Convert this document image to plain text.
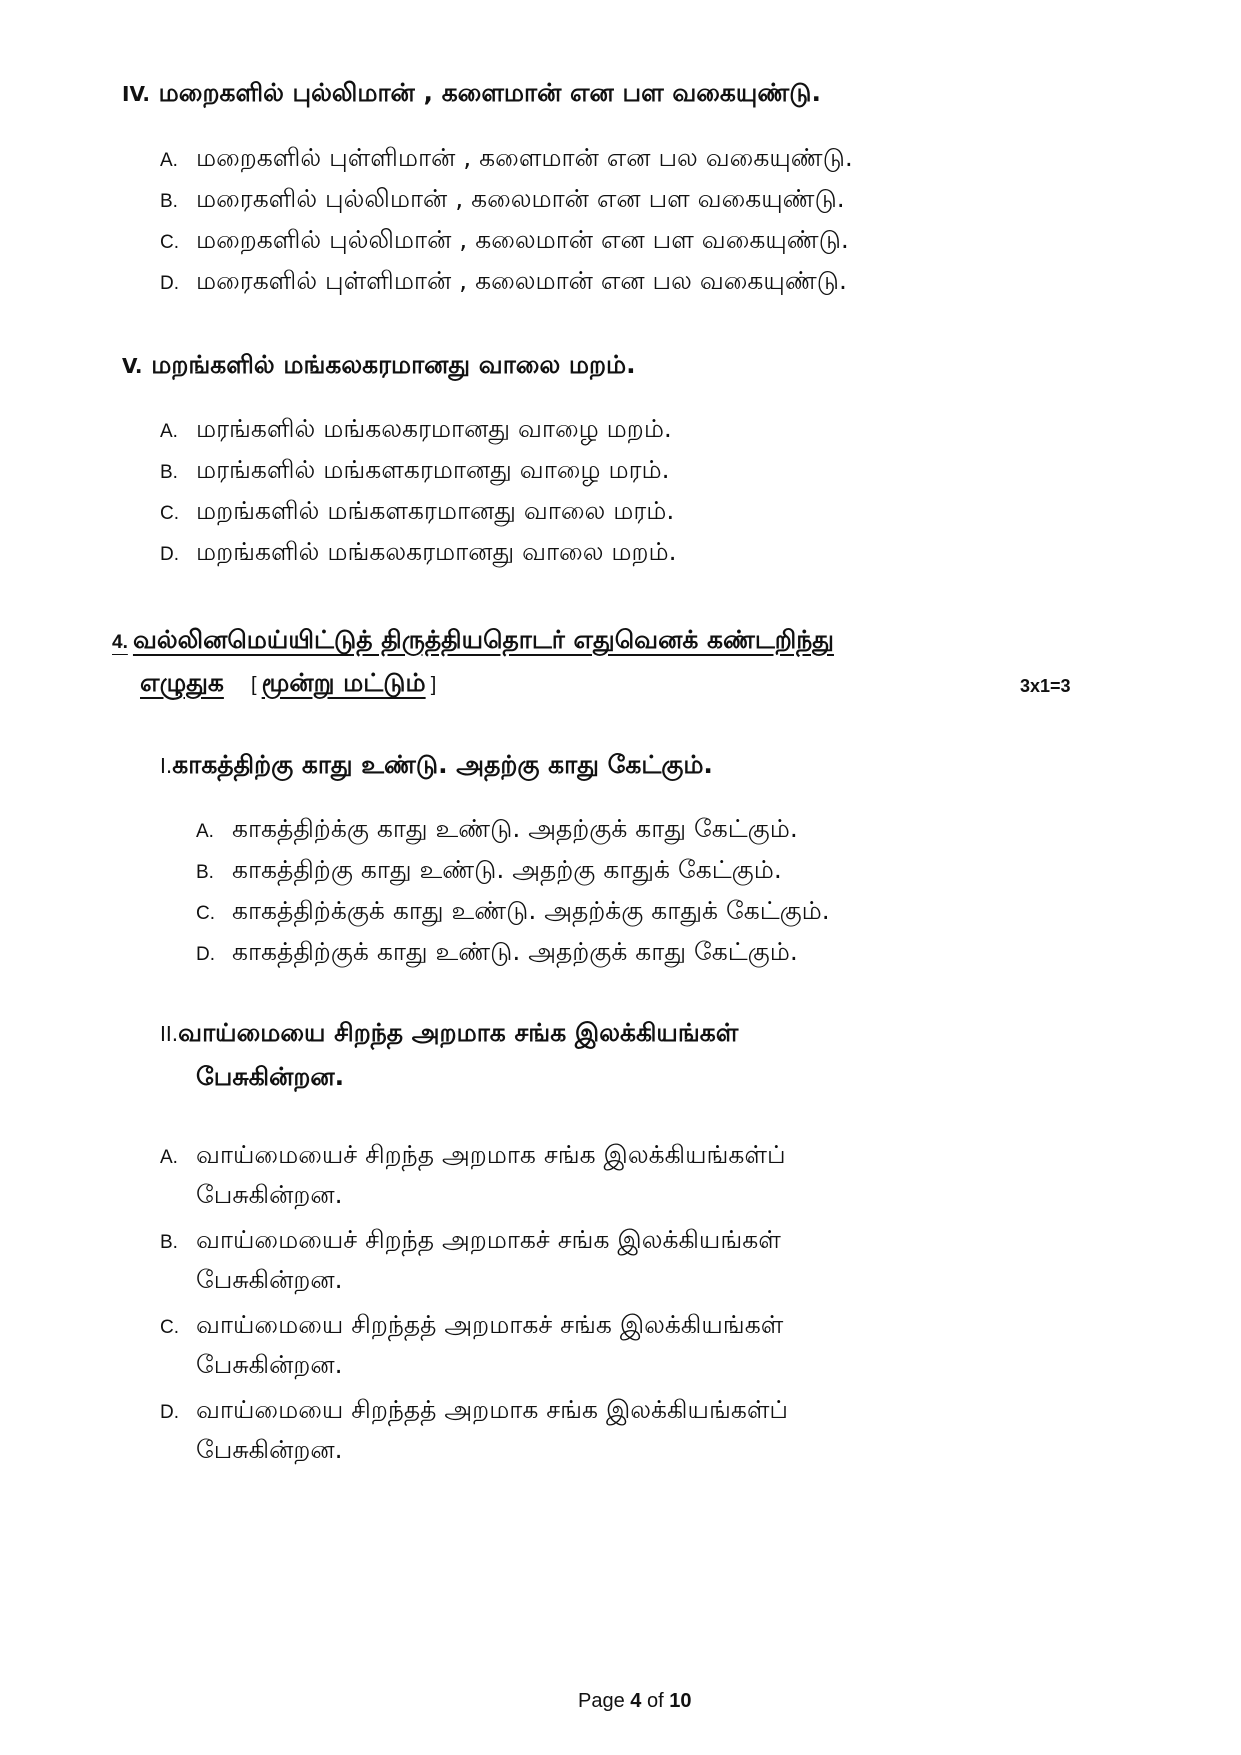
IV. மறைகளில் புல்லிமான் , களைமான் என பள வகையுண்டு.
A. மறைகளில் புள்ளிமான் , களைமான் என பல வகையுண்டு.
B. மரைகளில் புல்லிமான் , கலைமான் என பள வகையுண்டு.
C. மறைகளில் புல்லிமான் , கலைமான் என பள வகையுண்டு.
D. மரைகளில் புள்ளிமான் , கலைமான் என பல வகையுண்டு.
V. மறங்களில் மங்கலகரமானது வாலை மறம்.
A. மரங்களில் மங்கலகரமானது வாழை மறம்.
B. மரங்களில் மங்களகரமானது வாழை மரம்.
C. மறங்களில் மங்களகரமானது வாலை மரம்.
D. மறங்களில் மங்கலகரமானது வாலை மறம்.
4. வல்லினமெய்யிட்டுத் திருத்தியதொடர் எதுவெனக் கண்டறிந்து
எழுதுக [ மூன்று மட்டும் ]	3x1=3
I.காகத்திற்கு காது உண்டு. அதற்கு காது கேட்கும்.
A. காகத்திற்க்கு காது உண்டு. அதற்குக் காது கேட்கும்.
B. காகத்திற்கு காது உண்டு. அதற்கு காதுக் கேட்கும்.
C. காகத்திற்க்குக் காது உண்டு. அதற்க்கு காதுக் கேட்கும்.
D. காகத்திற்குக் காது உண்டு. அதற்குக் காது கேட்கும்.
II.வாய்மையை சிறந்த அறமாக சங்க இலக்கியங்கள்
பேசுகின்றன.
A. வாய்மையைச் சிறந்த அறமாக சங்க இலக்கியங்கள்ப்
பேசுகின்றன.
B. வாய்மையைச் சிறந்த அறமாகச் சங்க இலக்கியங்கள்
பேசுகின்றன.
C. வாய்மையை சிறந்தத் அறமாகச் சங்க இலக்கியங்கள்
பேசுகின்றன.
D. வாய்மையை சிறந்தத் அறமாக சங்க இலக்கியங்கள்ப்
பேசுகின்றன.
Page 4 of 10
